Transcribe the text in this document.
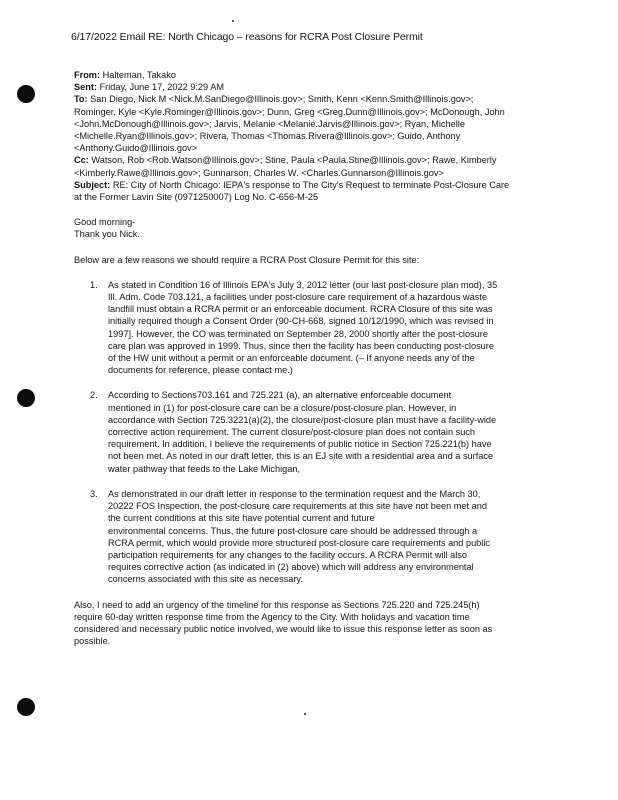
6/17/2022 Email RE: North Chicago – reasons for RCRA Post Closure Permit
From: Halteman, Takako
Sent: Friday, June 17, 2022 9:29 AM
To: San Diego, Nick M <Nick.M.SanDiego@Illinois.gov>; Smith, Kenn <Kenn.Smith@Illinois.gov>;
Rominger, Kyle <Kyle.Rominger@Illinois.gov>; Dunn, Greg <Greg.Dunn@Illinois.gov>; McDonough, John
<John.McDonough@Illinois.gov>; Jarvis, Melanie <Melanie.Jarvis@Illinois.gov>; Ryan, Michelle
<Michelle.Ryan@Illinois.gov>; Rivera, Thomas <Thomas.Rivera@Illinois.gov>; Guido, Anthony
<Anthony.Guido@Illinois.gov>
Cc: Watson, Rob <Rob.Watson@Illinois.gov>; Stine, Paula <Paula.Stine@Illinois.gov>; Rawe, Kimberly
<Kimberly.Rawe@Illinois.gov>; Gunnarson, Charles W. <Charles.Gunnarson@Illinois.gov>
Subject: RE: City of North Chicago: IEPA's response to The City's Request to terminate Post-Closure Care
at the Former Lavin Site (0971250007) Log No. C-656-M-25
Good morning-
Thank you Nick.
Below are a few reasons we should require a RCRA Post Closure Permit for this site:
1. As stated in Condition 16 of Illinois EPA's July 3, 2012 letter (our last post-closure plan mod), 35
Ill. Adm. Code 703.121, a facilities under post-closure care requirement of a hazardous waste
landfill must obtain a RCRA permit or an enforceable document. RCRA Closure of this site was
initially required though a Consent Order (90-CH-668, signed 10/12/1990, which was revised in
1997]. However, the CO was terminated on September 28, 2000 shortly after the post-closure
care plan was approved in 1999. Thus, since then the facility has been conducting post-closure
of the HW unit without a permit or an enforceable document. (– If anyone needs any of the
documents for reference, please contact me.)
2. According to Sections703.161 and 725.221 (a), an alternative enforceable document
mentioned in (1) for post-closure care can be a closure/post-closure plan. However, in
accordance with Section 725.3221(a)(2), the closure/post-closure plan must have a facility-wide
corrective action requirement. The current closure/post-closure plan does not contain such
requirement. In addition, I believe the requirements of public notice in Section 725.221(b) have
not been met. As noted in our draft letter, this is an EJ site with a residential area and a surface
water pathway that feeds to the Lake Michigan,
3. As demonstrated in our draft letter in response to the termination request and the March 30,
20222 FOS Inspection, the post-closure care requirements at this site have not been met and
the current conditions at this site have potential current and future
environmental concerns. Thus, the future post-closure care should be addressed through a
RCRA permit, which would provide more structured post-closure care requirements and public
participation requirements for any changes to the facility occurs. A RCRA Permit will also
requires corrective action (as indicated in (2) above) which will address any environmental
concerns associated with this site as necessary.
Also, I need to add an urgency of the timeline for this response as Sections 725.220 and 725.245(h)
require 60-day written response time from the Agency to the City. With holidays and vacation time
considered and necessary public notice involved, we would like to issue this response letter as soon as
possible.
